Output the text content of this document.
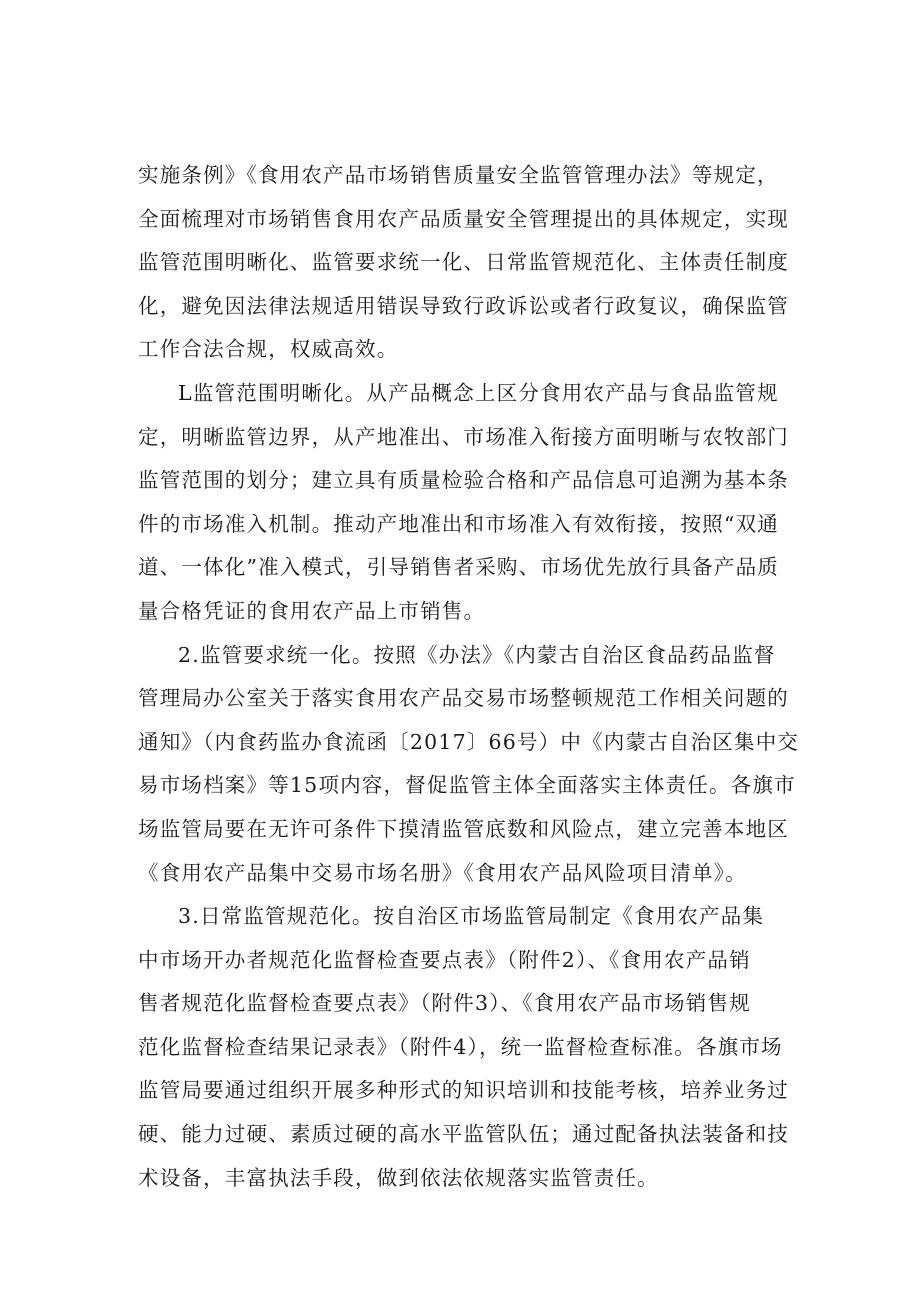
实施条例》《食用农产品市场销售质量安全监管管理办法》等规定，
全面梳理对市场销售食用农产品质量安全管理提出的具体规定，实现
监管范围明晰化、监管要求统一化、日常监管规范化、主体责任制度
化，避免因法律法规适用错误导致行政诉讼或者行政复议，确保监管
工作合法合规，权威高效。
L监管范围明晰化。从产品概念上区分食用农产品与食品监管规
定，明晰监管边界，从产地准出、市场准入衔接方面明晰与农牧部门
监管范围的划分；建立具有质量检验合格和产品信息可追溯为基本条
件的市场准入机制。推动产地准出和市场准入有效衔接，按照“双通
道、一体化”准入模式，引导销售者采购、市场优先放行具备产品质
量合格凭证的食用农产品上市销售。
2.监管要求统一化。按照《办法》《内蒙古自治区食品药品监督
管理局办公室关于落实食用农产品交易市场整顿规范工作相关问题的
通知》（内食药监办食流函〔2017〕66号）中《内蒙古自治区集中交
易市场档案》等15项内容，督促监管主体全面落实主体责任。各旗市
场监管局要在无许可条件下摸清监管底数和风险点，建立完善本地区
《食用农产品集中交易市场名册》《食用农产品风险项目清单》。
3.日常监管规范化。按自治区市场监管局制定《食用农产品集
中市场开办者规范化监督检查要点表》（附件2）、《食用农产品销
售者规范化监督检查要点表》（附件3）、《食用农产品市场销售规
范化监督检查结果记录表》（附件4），统一监督检查标准。各旗市场
监管局要通过组织开展多种形式的知识培训和技能考核，培养业务过
硬、能力过硬、素质过硬的高水平监管队伍；通过配备执法装备和技
术设备，丰富执法手段，做到依法依规落实监管责任。
